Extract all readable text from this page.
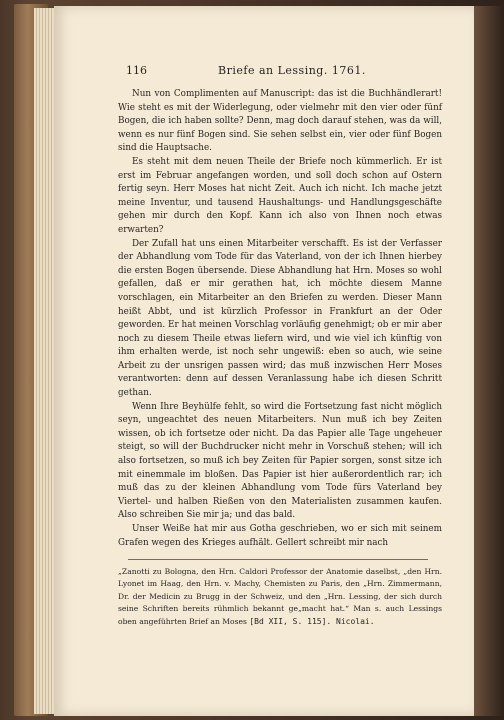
116	Briefe an Lessing. 1761.

Nun von Complimenten auf Manuscript: das ist die Buchhändlerart! Wie steht es mit der Widerlegung, oder vielmehr mit den vier oder fünf Bogen, die ich haben sollte? Denn, mag doch darauf stehen, was da will, wenn es nur fünf Bogen sind. Sie sehen selbst ein, vier oder fünf Bogen sind die Hauptsache.

Es steht mit dem neuen Theile der Briefe noch kümmerlich. Er ist erst im Februar angefangen worden, und soll doch schon auf Ostern fertig seyn. Herr Moses hat nicht Zeit. Auch ich nicht. Ich mache jetzt meine Inventur, und tausend Haushaltungs- und Handlungsgeschäfte gehen mir durch den Kopf. Kann ich also von Ihnen noch etwas erwarten?

Der Zufall hat uns einen Mitarbeiter verschafft. Es ist der Verfasser der Abhandlung vom Tode für das Vaterland, von der ich Ihnen hierbey die ersten Bogen übersende. Diese Abhandlung hat Hrn. Moses so wohl gefallen, daß er mir gerathen hat, ich möchte diesem Manne vorschlagen, ein Mitarbeiter an den Briefen zu werden. Dieser Mann heißt Abbt, und ist kürzlich Professor in Frankfurt an der Oder geworden. Er hat meinen Vorschlag vorläufig genehmigt; ob er mir aber noch zu diesem Theile etwas liefern wird, und wie viel ich künftig von ihm erhalten werde, ist noch sehr ungewiß: eben so auch, wie seine Arbeit zu der unsrigen passen wird; das muß inzwischen Herr Moses verantworten: denn auf dessen Veranlassung habe ich diesen Schritt gethan.

Wenn Ihre Beyhülfe fehlt, so wird die Fortsetzung fast nicht möglich seyn, ungeachtet des neuen Mitarbeiters. Nun muß ich bey Zeiten wissen, ob ich fortsetze oder nicht. Da das Papier alle Tage ungeheuer steigt, so will der Buchdrucker nicht mehr in Vorschuß stehen; will ich also fortsetzen, so muß ich bey Zeiten für Papier sorgen, sonst sitze ich mit einemmale im bloßen. Das Papier ist hier außerordentlich rar; ich muß das zu der kleinen Abhandlung vom Tode fürs Vaterland bey Viertel- und halben Rießen von den Materialisten zusammen kaufen. Also schreiben Sie mir ja; und das bald.

Unser Weiße hat mir aus Gotha geschrieben, wo er sich mit seinem Grafen wegen des Krieges aufhält. Gellert schreibt mir nach

„Zanotti zu Bologna, den Hrn. Caldori Professor der Anatomie daselbst, „den Hrn. Lyonet im Haag, den Hrn. v. Machy, Chemisten zu Paris, den „Hrn. Zimmermann, Dr. der Medicin zu Brugg in der Schweiz, und den „Hrn. Lessing, der sich durch seine Schriften bereits rühmlich bekannt ge„macht hat.“ Man s. auch Lessings oben angeführten Brief an Moses [Bd XII, S. 115]. Nicolai.
